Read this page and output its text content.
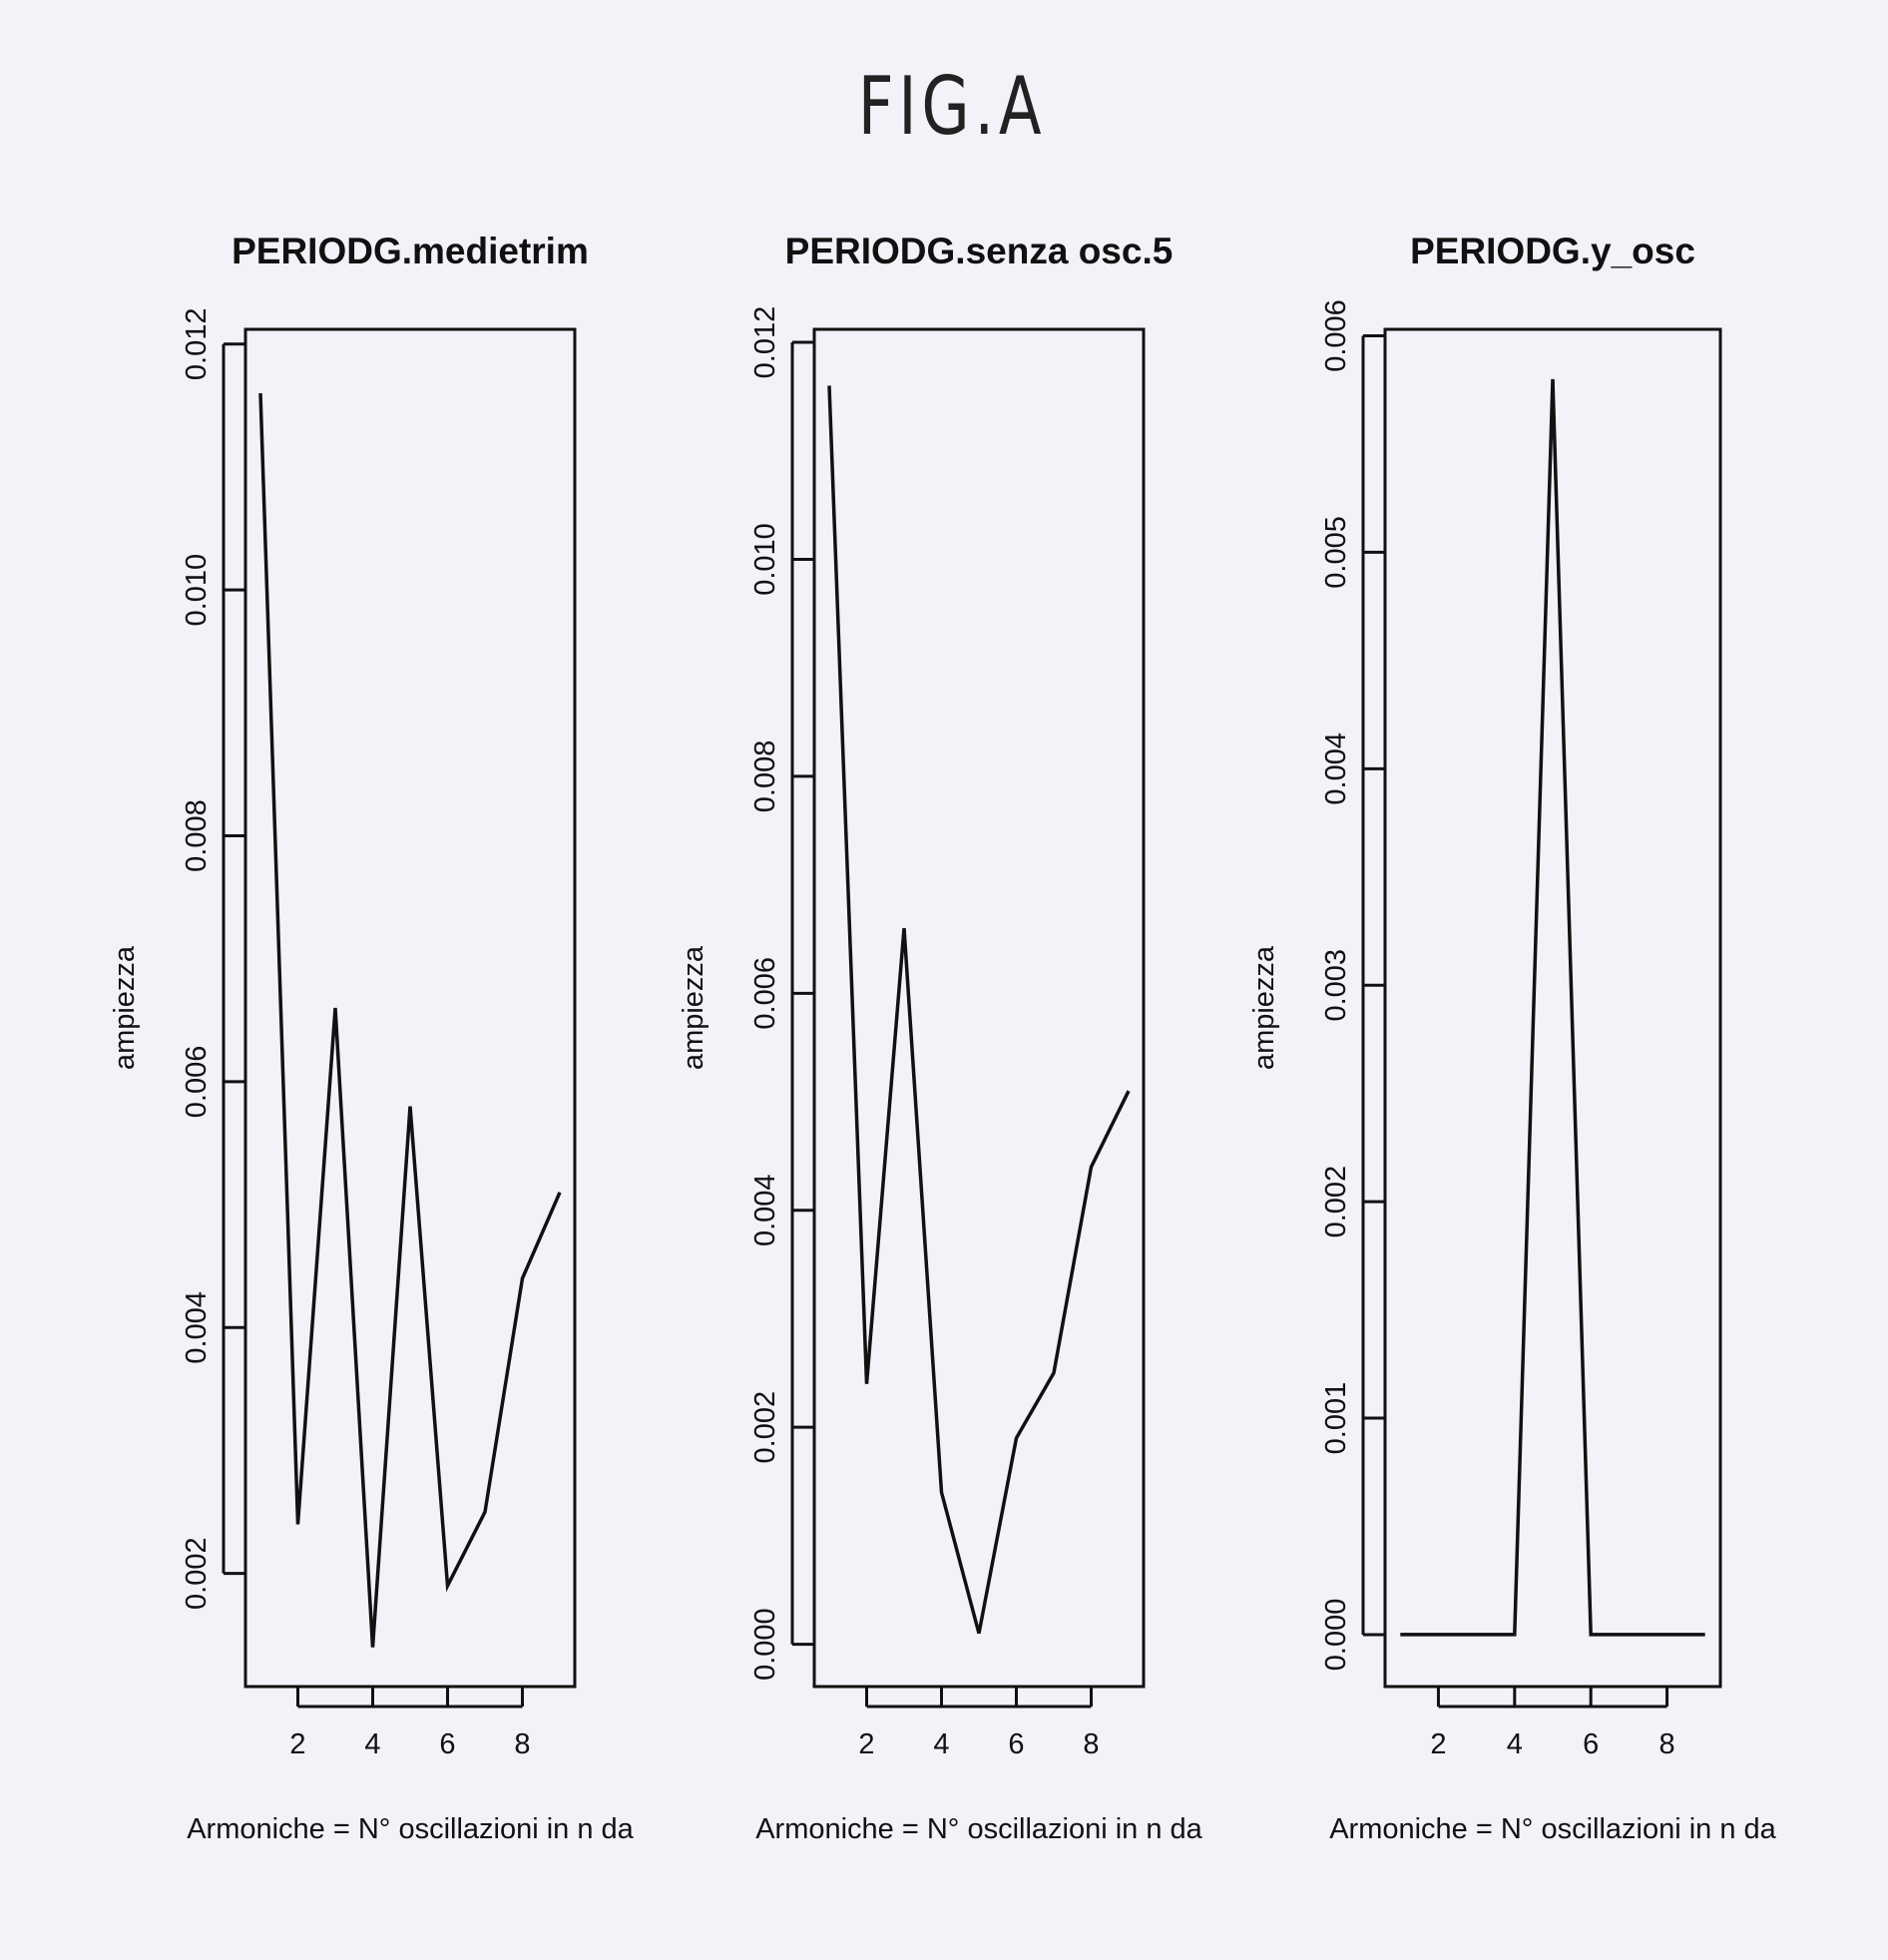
FIG.A
PERIODG.medietrim
0.002
0.004
0.006
0.008
0.010
0.012
2 4 6 8
Armoniche = N° oscillazioni in n da
ampiezza
PERIODG.senza osc.5
0.000
0.002
0.004
0.006
0.008
0.010
0.012
2 4 6 8
Armoniche = N° oscillazioni in n da
ampiezza
PERIODG.y_osc
0.000
0.001
0.002
0.003
0.004
0.005
0.006
2 4 6 8
Armoniche = N° oscillazioni in n da
ampiezza
